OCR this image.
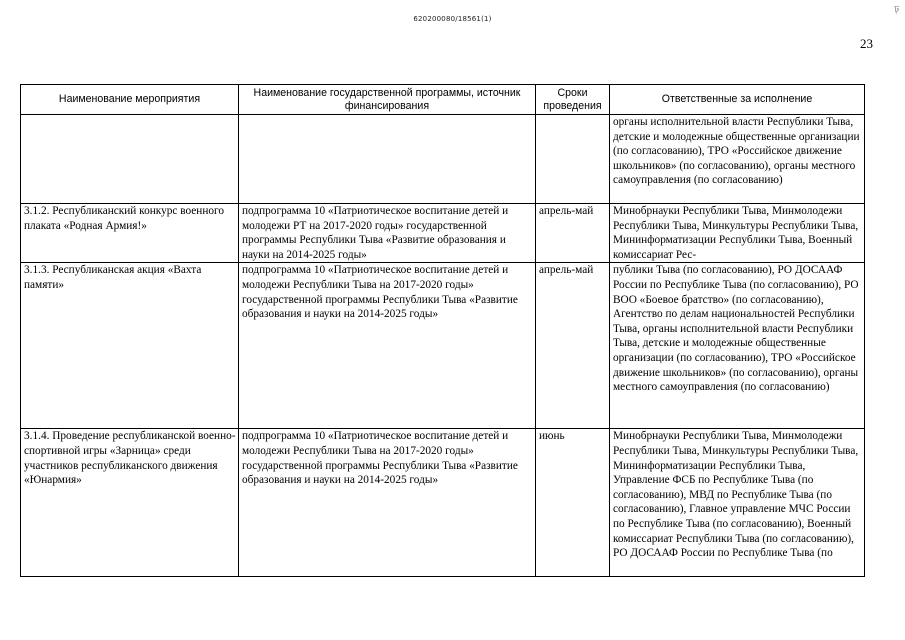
ঢ়
620200080/18561(1)
23
Наименование мероприятия	Наименование государственной программы, источник финансирования	Сроки проведения	Ответственные за исполнение
			органы исполнительной власти Республики Тыва, детские и молодежные общественные организации (по согласованию), ТРО «Российское движение школьников» (по согласованию), органы местного самоуправления (по согласованию)
3.1.2. Республиканский конкурс военного плаката «Родная Армия!»	подпрограмма 10 «Патриотическое воспитание детей и молодежи РТ на 2017-2020 годы» государственной программы Республики Тыва «Развитие образования и науки на 2014-2025 годы»	апрель-май	Минобрнауки Республики Тыва, Минмолодежи Республики Тыва, Минкультуры Республики Тыва, Mининформатизации Республики Тыва, Военный комиссариат Рес-
3.1.3. Республиканская акция «Вахта памяти»	подпрограмма 10 «Патриотическое воспитание детей и молодежи Республики Тыва на 2017-2020 годы» государственной программы Республики Тыва «Развитие образования и науки на 2014-2025 годы»	апрель-май	публики Тыва (по согласованию), РО ДОСААФ России по Республике Тыва (по согласованию), РО ВОО «Боевое братство» (по согласованию), Агентство по делам национальностей Республики Тыва, органы исполнительной власти Республики Тыва, детские и молодежные общественные организации (по согласованию), ТРО «Российское движение школьников» (по согласованию), органы местного самоуправления (по согласованию)
3.1.4. Проведение республиканской военно-спортивной игры «Зарница» среди участников республиканского движения «Юнармия»	подпрограмма 10 «Патриотическое воспитание детей и молодежи Республики Тыва на 2017-2020 годы» государственной программы Республики Тыва «Развитие образования и науки на 2014-2025 годы»	июнь	Минобрнауки Республики Тыва, Минмолодежи Республики Тыва, Минкультуры Республики Тыва, Mининформатизации Республики Тыва, Управление ФСБ по Республике Тыва (по согласованию), МВД по Республике Тыва (по согласованию), Главное управление МЧС России по Республике Тыва (по согласованию), Военный комиссариат Республики Тыва (по согласованию), РО ДОСААФ России по Республике Тыва (по
